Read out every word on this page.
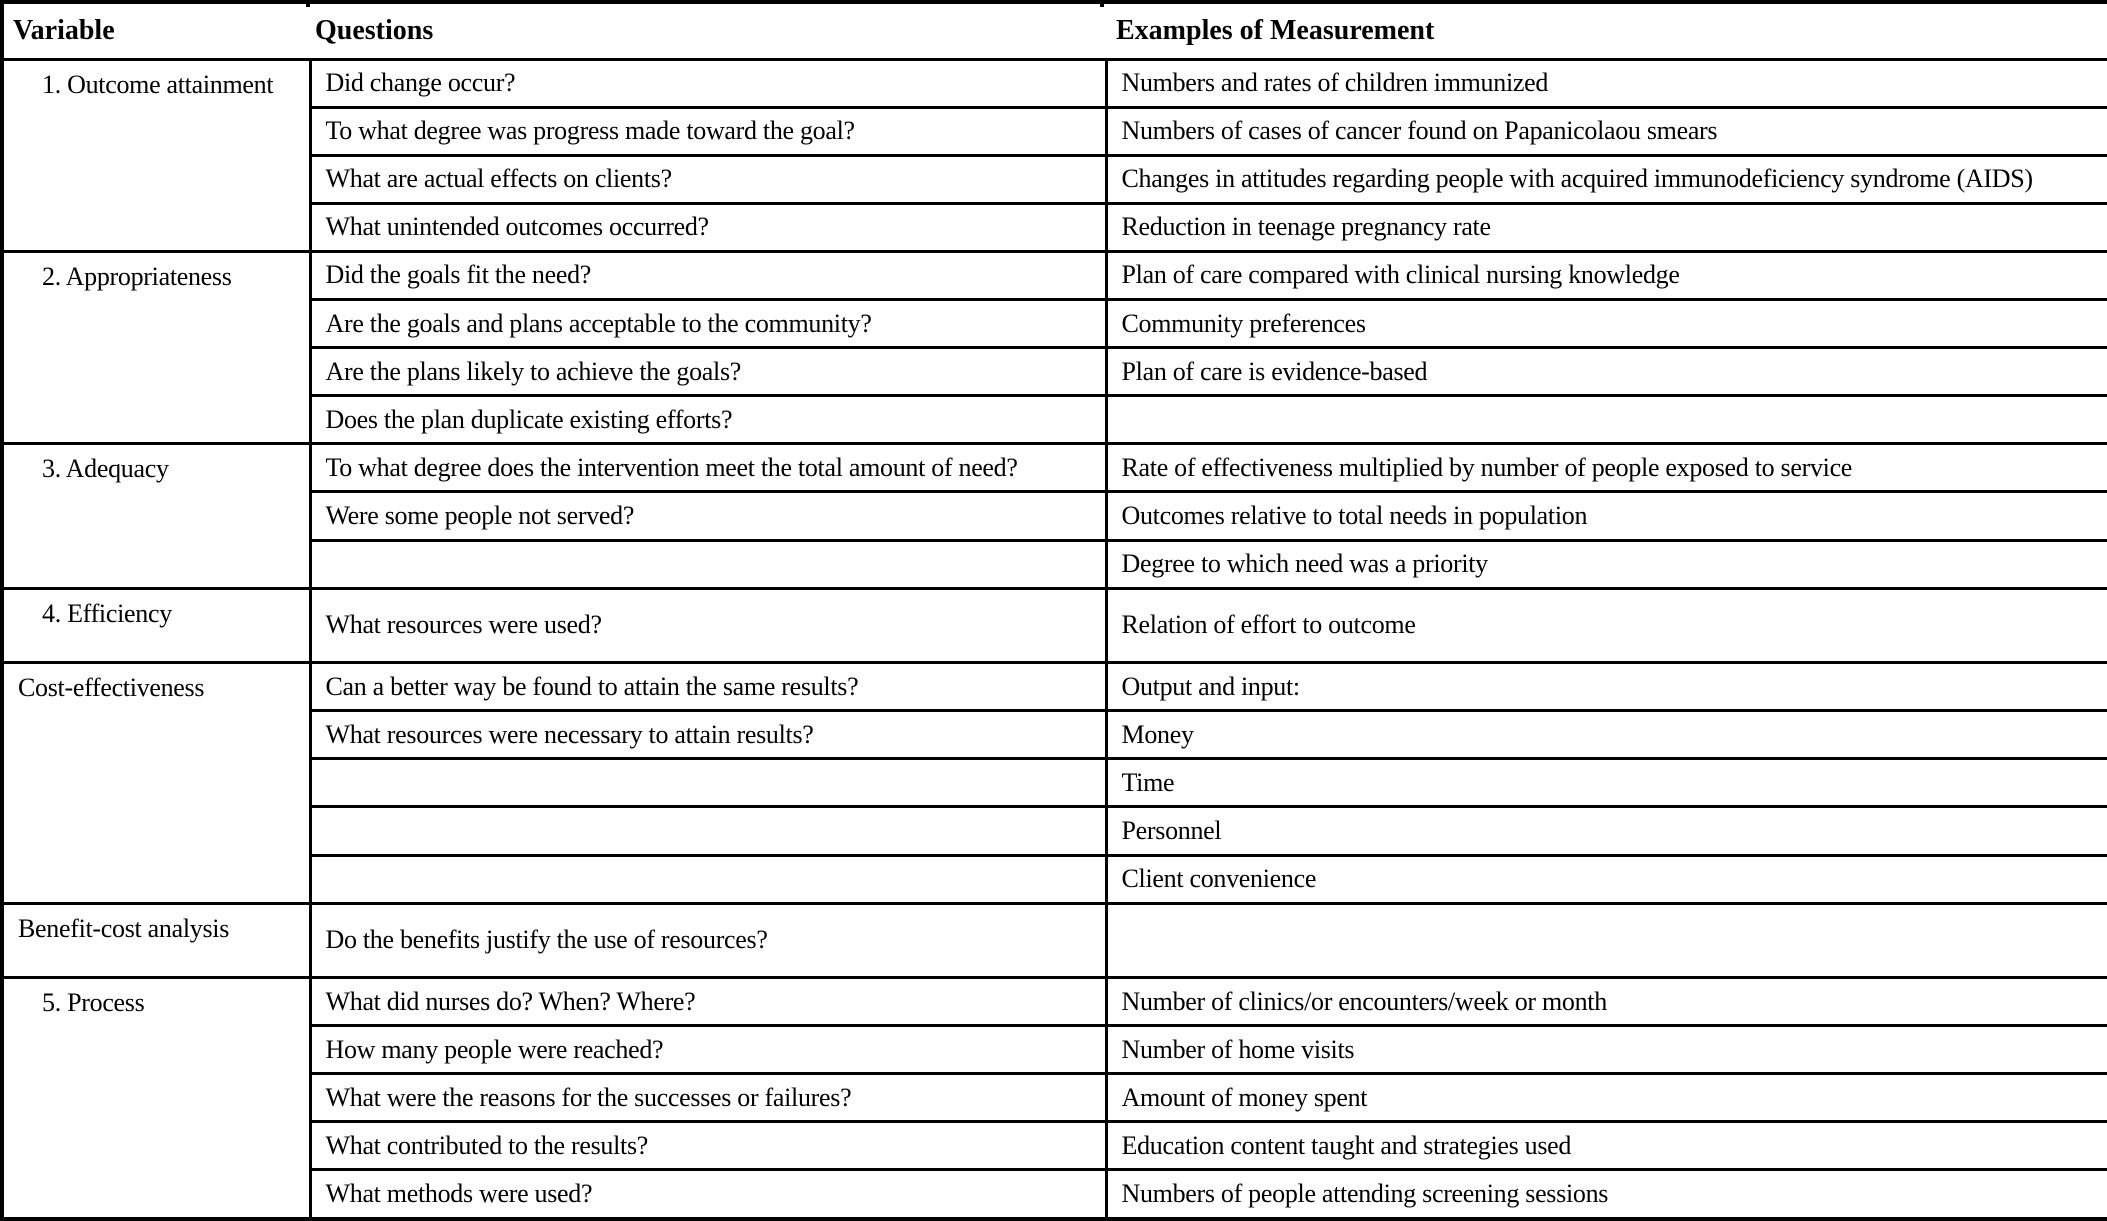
Variable	Questions	Examples of Measurement

1. Outcome attainment	Did change occur?	Numbers and rates of children immunized
	To what degree was progress made toward the goal?	Numbers of cases of cancer found on Papanicolaou smears
	What are actual effects on clients?	Changes in attitudes regarding people with acquired immunodeficiency syndrome (AIDS)
	What unintended outcomes occurred?	Reduction in teenage pregnancy rate

2. Appropriateness	Did the goals fit the need?	Plan of care compared with clinical nursing knowledge
	Are the goals and plans acceptable to the community?	Community preferences
	Are the plans likely to achieve the goals?	Plan of care is evidence-based
	Does the plan duplicate existing efforts?	

3. Adequacy	To what degree does the intervention meet the total amount of need?	Rate of effectiveness multiplied by number of people exposed to service
	Were some people not served?	Outcomes relative to total needs in population
		Degree to which need was a priority

4. Efficiency	What resources were used?	Relation of effort to outcome

Cost-effectiveness	Can a better way be found to attain the same results?	Output and input:
	What resources were necessary to attain results?	Money
		Time
		Personnel
		Client convenience

Benefit-cost analysis	Do the benefits justify the use of resources?	

5. Process	What did nurses do? When? Where?	Number of clinics/or encounters/week or month
	How many people were reached?	Number of home visits
	What were the reasons for the successes or failures?	Amount of money spent
	What contributed to the results?	Education content taught and strategies used
	What methods were used?	Numbers of people attending screening sessions
